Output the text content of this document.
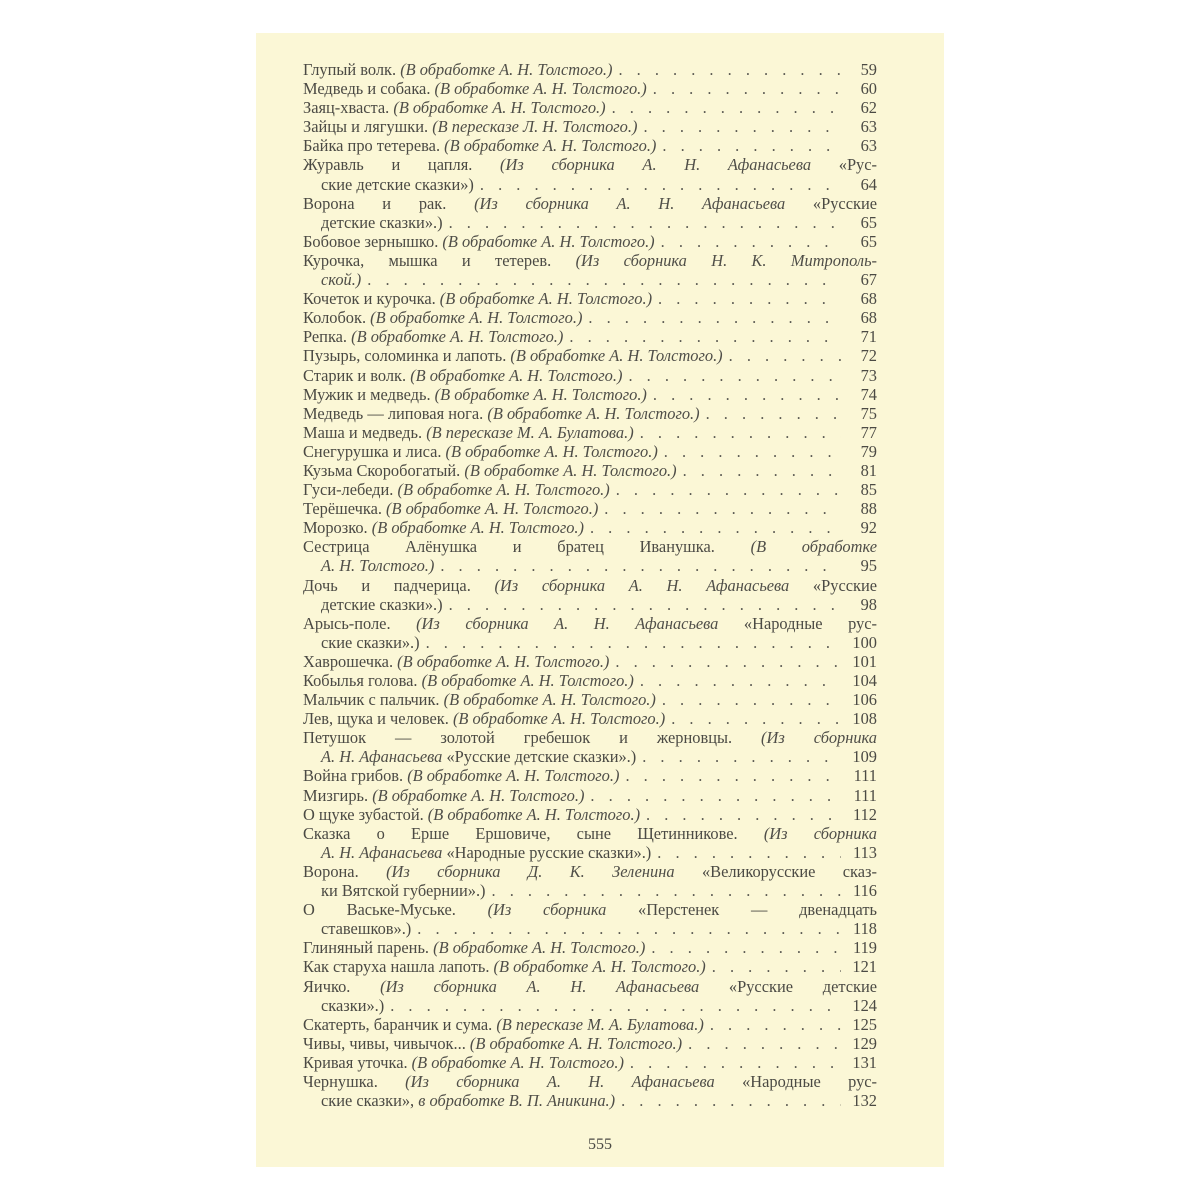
Глупый волк. (В обработке А. Н. Толстого.) . . .	59
Медведь и собака. (В обработке А. Н. Толстого.) . . .	60
Заяц-хваста. (В обработке А. Н. Толстого.) . . .	62
Зайцы и лягушки. (В пересказе Л. Н. Толстого.) . . .	63
Байка про тетерева. (В обработке А. Н. Толстого.) . . .	63
Журавль и цапля. (Из сборника А. Н. Афанасьева «Рус-
ские детские сказки») . . .	64
Ворона и рак. (Из сборника А. Н. Афанасьева «Русские
детские сказки».) . . .	65
Бобовое зернышко. (В обработке А. Н. Толстого.) . . .	65
Курочка, мышка и тетерев. (Из сборника Н. К. Митрополь-
ской.) . . .	67
Кочеток и курочка. (В обработке А. Н. Толстого.) . . .	68
Колобок. (В обработке А. Н. Толстого.) . . .	68
Репка. (В обработке А. Н. Толстого.) . . .	71
Пузырь, соломинка и лапоть. (В обработке А. Н. Толстого.) . . .	72
Старик и волк. (В обработке А. Н. Толстого.) . . .	73
Мужик и медведь. (В обработке А. Н. Толстого.) . . .	74
Медведь — липовая нога. (В обработке А. Н. Толстого.) . . .	75
Маша и медведь. (В пересказе М. А. Булатова.) . . .	77
Снегурушка и лиса. (В обработке А. Н. Толстого.) . . .	79
Кузьма Скоробогатый. (В обработке А. Н. Толстого.) . . .	81
Гуси-лебеди. (В обработке А. Н. Толстого.) . . .	85
Терёшечка. (В обработке А. Н. Толстого.) . . .	88
Морозко. (В обработке А. Н. Толстого.) . . .	92
Сестрица Алёнушка и братец Иванушка. (В обработке
А. Н. Толстого.) . . .	95
Дочь и падчерица. (Из сборника А. Н. Афанасьева «Русские
детские сказки».) . . .	98
Арысь-поле. (Из сборника А. Н. Афанасьева «Народные рус-
ские сказки».) . . .	100
Хаврошечка. (В обработке А. Н. Толстого.) . . .	101
Кобылья голова. (В обработке А. Н. Толстого.) . . .	104
Мальчик с пальчик. (В обработке А. Н. Толстого.) . . .	106
Лев, щука и человек. (В обработке А. Н. Толстого.) . . .	108
Петушок — золотой гребешок и жерновцы. (Из сборника
А. Н. Афанасьева «Русские детские сказки».) . . .	109
Война грибов. (В обработке А. Н. Толстого.) . . .	111
Мизгирь. (В обработке А. Н. Толстого.) . . .	111
О щуке зубастой. (В обработке А. Н. Толстого.) . . .	112
Сказка о Ерше Ершовиче, сыне Щетинникове. (Из сборника
А. Н. Афанасьева «Народные русские сказки».) . . .	113
Ворона. (Из сборника Д. К. Зеленина «Великорусские сказ-
ки Вятской губернии».) . . .	116
О Ваське-Муське. (Из сборника «Перстенек — двенадцать
ставешков».) . . .	118
Глиняный парень. (В обработке А. Н. Толстого.) . . .	119
Как старуха нашла лапоть. (В обработке А. Н. Толстого.) . . .	121
Яичко. (Из сборника А. Н. Афанасьева «Русские детские
сказки».) . . .	124
Скатерть, баранчик и сума. (В пересказе М. А. Булатова.) . . .	125
Чивы, чивы, чивычок... (В обработке А. Н. Толстого.) . . .	129
Кривая уточка. (В обработке А. Н. Толстого.) . . .	131
Чернушка. (Из сборника А. Н. Афанасьева «Народные рус-
ские сказки», в обработке В. П. Аникина.) . . .	132
555
